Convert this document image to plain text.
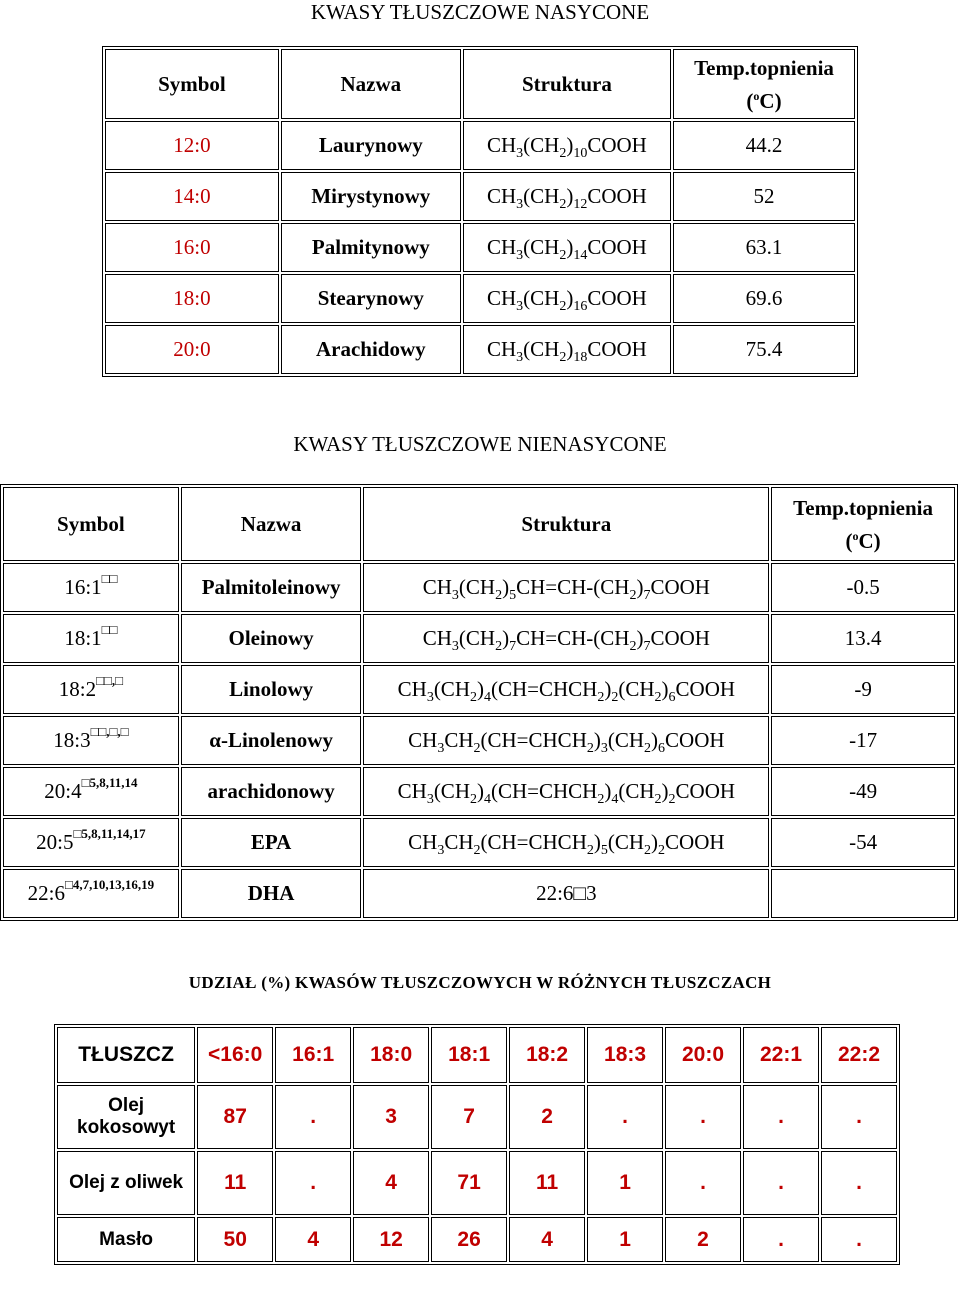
KWASY TŁUSZCZOWE NASYCONE
Symbol	Nazwa	Struktura	Temp.topnienia
($^o$C)
12:0	Laurynowy	$CH_3(CH_2)_{10}COOH$	44.2
14:0	Mirystynowy	$CH_3(CH_2)_{12}COOH$	52
16:0	Palmitynowy	$CH_3(CH_2)_{14}COOH$	63.1
18:0	Stearynowy	$CH_3(CH_2)_{16}COOH$	69.6
20:0	Arachidowy	$CH_3(CH_2)_{18}COOH$	75.4
KWASY TŁUSZCZOWE NIENASYCONE
Symbol	Nazwa	Struktura	Temp.topnienia
($^o$C)
16:1□□	Palmitoleinowy	$CH_3(CH_2)_5CH=CH-(CH_2)_7COOH$	-0.5
18:1□□	Oleinowy	$CH_3(CH_2)_7CH=CH-(CH_2)_7COOH$	13.4
18:2□□,□	Linolowy	$CH_3(CH_2)_4(CH=CHCH_2)_2(CH_2)_6COOH$	-9
18:3□□,□,□	α-Linolenowy	$CH_3CH_2(CH=CHCH_2)_3(CH_2)_6COOH$	-17
$20:4^{□5,8,11,14}$	arachidonowy	$CH_3(CH_2)_4(CH=CHCH_2)_4(CH_2)_2COOH$	-49
$20:5^{□5,8,11,14,17}$	EPA	$CH_3CH_2(CH=CHCH_2)_5(CH_2)_2COOH$	-54
$22:6^{□4,7,10,13,16,19}$	DHA	22:6□3	
UDZIAŁ (%) KWASÓW TŁUSZCZOWYCH W RÓŻNYCH TŁUSZCZACH
TŁUSZCZ	<16:0	16:1	18:0	18:1	18:2	18:3	20:0	22:1	22:2
Olej kokosowyt	87	.	3	7	2	.	.	.	.
Olej z oliwek	11	.	4	71	11	1	.	.	.
Masło	50	4	12	26	4	1	2	.	.
